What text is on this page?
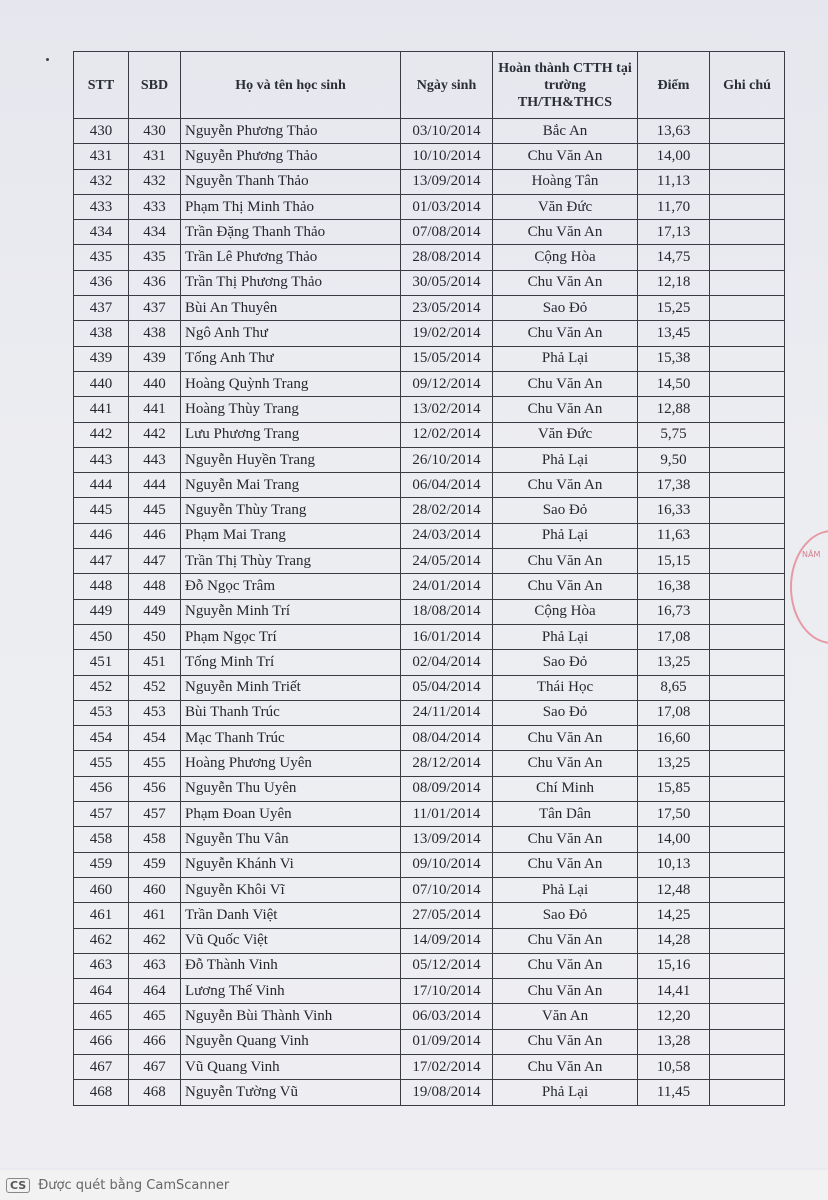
STT	SBD	Họ và tên học sinh	Ngày sinh	Hoàn thành CTTH tại trường TH/TH&THCS	Điểm	Ghi chú
430	430	Nguyễn Phương Thảo	03/10/2014	Bắc An	13,63	
431	431	Nguyễn Phương Thảo	10/10/2014	Chu Văn An	14,00	
432	432	Nguyễn Thanh Thảo	13/09/2014	Hoàng Tân	11,13	
433	433	Phạm Thị Minh Thảo	01/03/2014	Văn Đức	11,70	
434	434	Trần Đặng Thanh Thảo	07/08/2014	Chu Văn An	17,13	
435	435	Trần Lê Phương Thảo	28/08/2014	Cộng Hòa	14,75	
436	436	Trần Thị Phương Thảo	30/05/2014	Chu Văn An	12,18	
437	437	Bùi An Thuyên	23/05/2014	Sao Đỏ	15,25	
438	438	Ngô Anh Thư	19/02/2014	Chu Văn An	13,45	
439	439	Tống Anh Thư	15/05/2014	Phả Lại	15,38	
440	440	Hoàng Quỳnh Trang	09/12/2014	Chu Văn An	14,50	
441	441	Hoàng Thùy Trang	13/02/2014	Chu Văn An	12,88	
442	442	Lưu Phương Trang	12/02/2014	Văn Đức	5,75	
443	443	Nguyễn Huyền Trang	26/10/2014	Phả Lại	9,50	
444	444	Nguyễn Mai Trang	06/04/2014	Chu Văn An	17,38	
445	445	Nguyễn Thùy Trang	28/02/2014	Sao Đỏ	16,33	
446	446	Phạm Mai Trang	24/03/2014	Phả Lại	11,63	
447	447	Trần Thị Thùy Trang	24/05/2014	Chu Văn An	15,15	
448	448	Đỗ Ngọc Trâm	24/01/2014	Chu Văn An	16,38	
449	449	Nguyễn Minh Trí	18/08/2014	Cộng Hòa	16,73	
450	450	Phạm Ngọc Trí	16/01/2014	Phả Lại	17,08	
451	451	Tống Minh Trí	02/04/2014	Sao Đỏ	13,25	
452	452	Nguyễn Minh Triết	05/04/2014	Thái Học	8,65	
453	453	Bùi Thanh Trúc	24/11/2014	Sao Đỏ	17,08	
454	454	Mạc Thanh Trúc	08/04/2014	Chu Văn An	16,60	
455	455	Hoàng Phương Uyên	28/12/2014	Chu Văn An	13,25	
456	456	Nguyễn Thu Uyên	08/09/2014	Chí Minh	15,85	
457	457	Phạm Đoan Uyên	11/01/2014	Tân Dân	17,50	
458	458	Nguyễn Thu Vân	13/09/2014	Chu Văn An	14,00	
459	459	Nguyễn Khánh Vi	09/10/2014	Chu Văn An	10,13	
460	460	Nguyễn Khôi Vĩ	07/10/2014	Phả Lại	12,48	
461	461	Trần Danh Việt	27/05/2014	Sao Đỏ	14,25	
462	462	Vũ Quốc Việt	14/09/2014	Chu Văn An	14,28	
463	463	Đỗ Thành Vinh	05/12/2014	Chu Văn An	15,16	
464	464	Lương Thế Vinh	17/10/2014	Chu Văn An	14,41	
465	465	Nguyễn Bùi Thành Vinh	06/03/2014	Văn An	12,20	
466	466	Nguyễn Quang Vinh	01/09/2014	Chu Văn An	13,28	
467	467	Vũ Quang Vinh	17/02/2014	Chu Văn An	10,58	
468	468	Nguyễn Tường Vũ	19/08/2014	Phả Lại	11,45	
NĂM
CS Được quét bằng CamScanner
